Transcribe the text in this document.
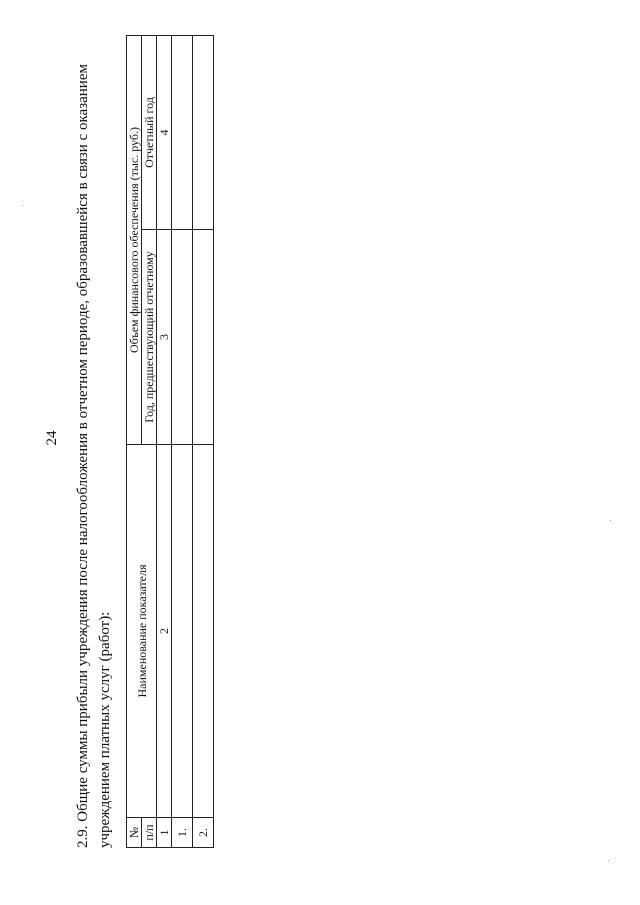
24 2.9. Общие суммы прибыли учреждения после налогообложения в отчетном периоде, образовавшейся в связи с оказанием учреждением платных услуг (работ): №	Наименование показателя	Объем финансового обеспечения (тыс. руб.)	
п/п		Год, предшествующий отчетному	Отчетный год
1	2	3	4
1.			
2.			
